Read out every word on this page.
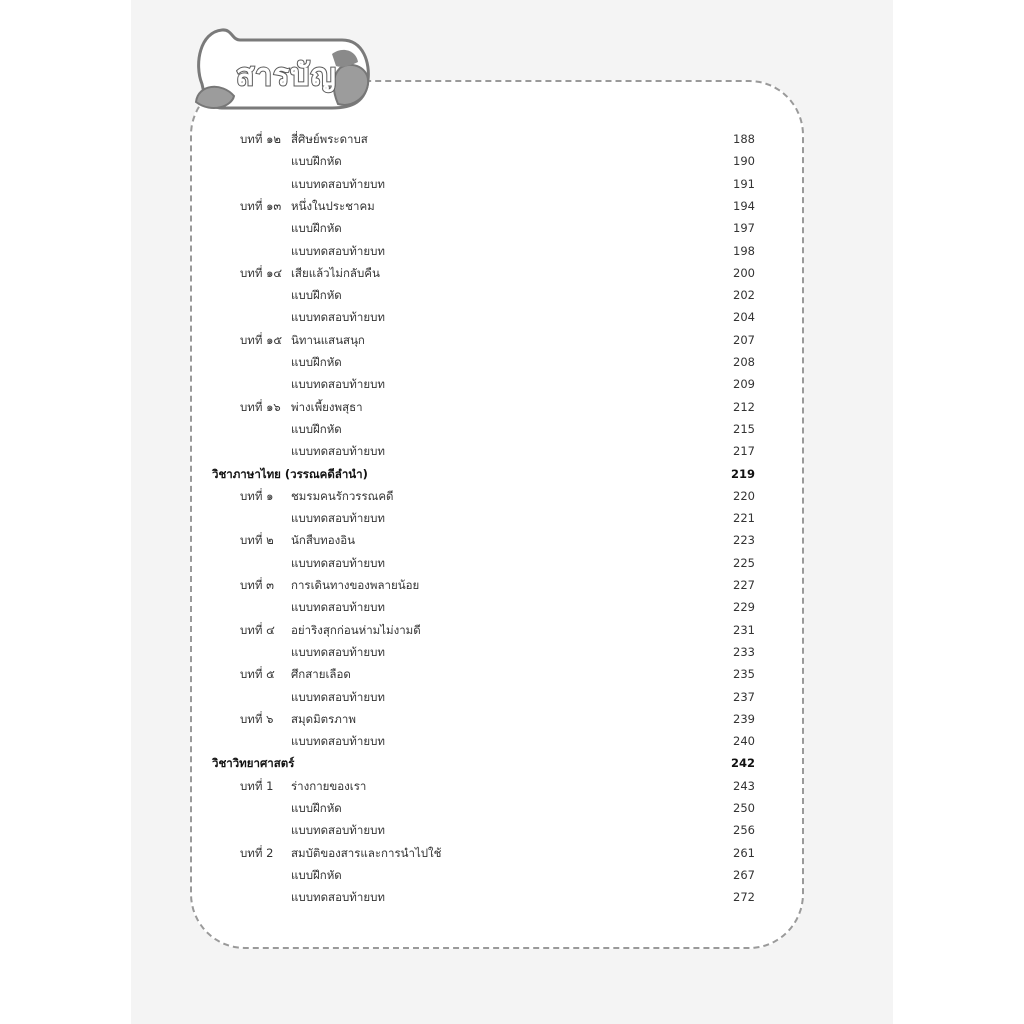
สารบัญ
บทที่ ๑๒ สี่ศิษย์พระดาบส	188
แบบฝึกหัด	190
แบบทดสอบท้ายบท	191
บทที่ ๑๓ หนึ่งในประชาคม	194
แบบฝึกหัด	197
แบบทดสอบท้ายบท	198
บทที่ ๑๔ เสียแล้วไม่กลับคืน	200
แบบฝึกหัด	202
แบบทดสอบท้ายบท	204
บทที่ ๑๕ นิทานแสนสนุก	207
แบบฝึกหัด	208
แบบทดสอบท้ายบท	209
บทที่ ๑๖ พ่างเพี้ยงพสุธา	212
แบบฝึกหัด	215
แบบทดสอบท้ายบท	217
วิชาภาษาไทย (วรรณคดีลำนำ)	219
บทที่ ๑ ชมรมคนรักวรรณคดี	220
แบบทดสอบท้ายบท	221
บทที่ ๒ นักสืบทองอิน	223
แบบทดสอบท้ายบท	225
บทที่ ๓ การเดินทางของพลายน้อย	227
แบบทดสอบท้ายบท	229
บทที่ ๔ อย่าริงสุกก่อนห่ามไม่งามดี	231
แบบทดสอบท้ายบท	233
บทที่ ๕ ศึกสายเลือด	235
แบบทดสอบท้ายบท	237
บทที่ ๖ สมุดมิตรภาพ	239
แบบทดสอบท้ายบท	240
วิชาวิทยาศาสตร์	242
บทที่ 1 ร่างกายของเรา	243
แบบฝึกหัด	250
แบบทดสอบท้ายบท	256
บทที่ 2 สมบัติของสารและการนำไปใช้	261
แบบฝึกหัด	267
แบบทดสอบท้ายบท	272
